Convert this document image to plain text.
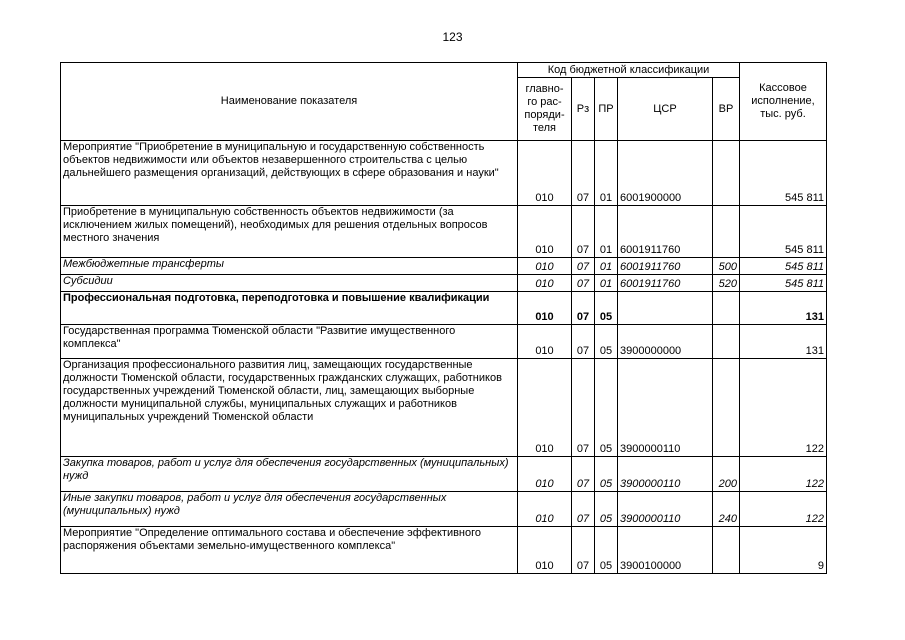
123
Наименование показателя	Код бюджетной классификации					Кассовое исполнение, тыс. руб.
	главно-го рас-поряди-теля	Рз	ПР	ЦСР	ВР	
Мероприятие "Приобретение в муниципальную и государственную собственность объектов недвижимости или объектов незавершенного строительства с целью дальнейшего размещения организаций, действующих в сфере образования и науки"	010	07	01	6001900000		545 811
Приобретение в муниципальную собственность объектов недвижимости (за исключением жилых помещений), необходимых для решения отдельных вопросов местного значения	010	07	01	6001911760		545 811
Межбюджетные трансферты	010	07	01	6001911760	500	545 811
Субсидии	010	07	01	6001911760	520	545 811
Профессиональная подготовка, переподготовка и повышение квалификации	010	07	05			131
Государственная программа Тюменской области "Развитие имущественного комплекса"	010	07	05	3900000000		131
Организация профессионального развития лиц, замещающих государственные должности Тюменской области, государственных гражданских служащих, работников государственных учреждений Тюменской области, лиц, замещающих выборные должности муниципальной службы, муниципальных служащих и работников муниципальных учреждений Тюменской области	010	07	05	3900000110		122
Закупка товаров, работ и услуг для обеспечения государственных (муниципальных) нужд	010	07	05	3900000110	200	122
Иные закупки товаров, работ и услуг для обеспечения государственных (муниципальных) нужд	010	07	05	3900000110	240	122
Мероприятие "Определение оптимального состава и обеспечение эффективного распоряжения объектами земельно-имущественного комплекса"	010	07	05	3900100000		9
